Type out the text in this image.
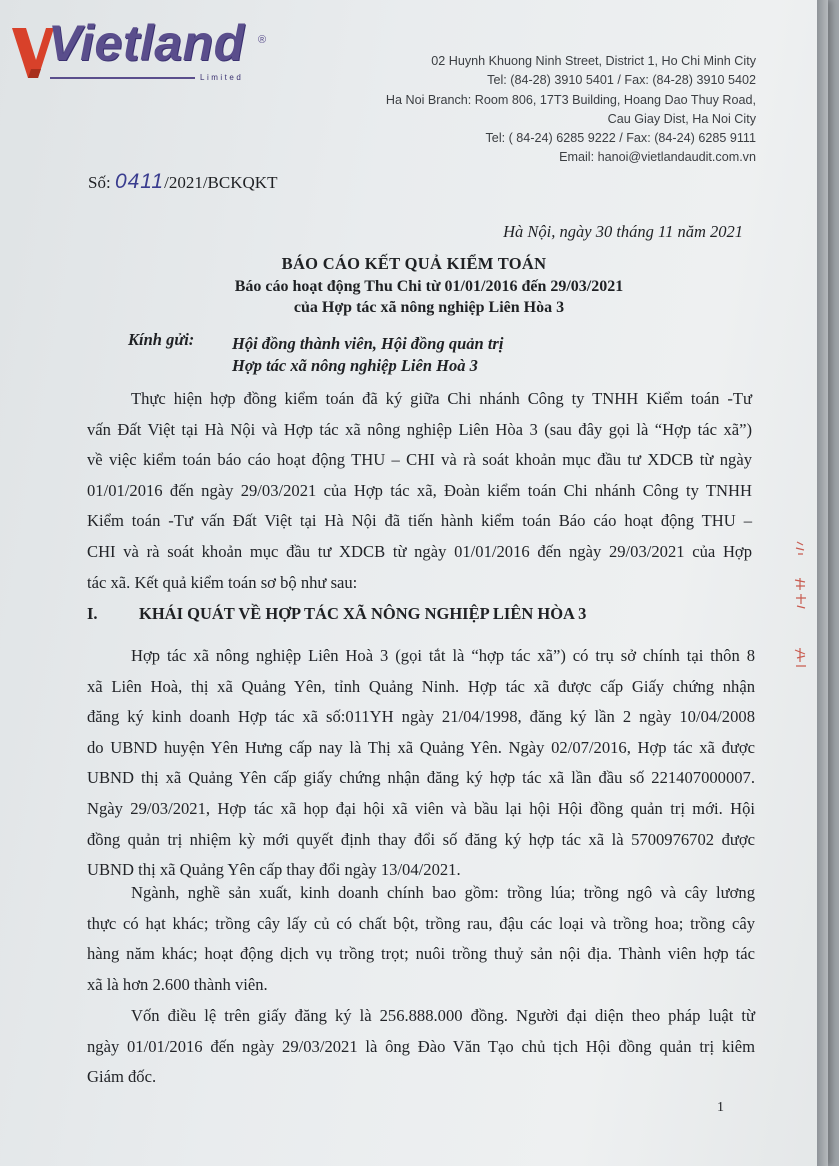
Vietland ®
Limited
02 Huynh Khuong Ninh Street, District 1, Ho Chi Minh City
Tel: (84-28) 3910 5401 / Fax: (84-28) 3910 5402
Ha Noi Branch: Room 806, 17T3 Building, Hoang Dao Thuy Road,
Cau Giay Dist, Ha Noi City
Tel: ( 84-24) 6285 9222 / Fax: (84-24) 6285 9111
Email: hanoi@vietlandaudit.com.vn
Số: 0411/2021/BCKQKT
Hà Nội, ngày 30 tháng 11 năm 2021
BÁO CÁO KẾT QUẢ KIỂM TOÁN
Báo cáo hoạt động Thu Chi từ 01/01/2016 đến 29/03/2021
của Hợp tác xã nông nghiệp Liên Hòa 3
Kính gửi: Hội đồng thành viên, Hội đồng quản trị
Hợp tác xã nông nghiệp Liên Hoà 3
Thực hiện hợp đồng kiểm toán đã ký giữa Chi nhánh Công ty TNHH Kiểm toán -Tư
vấn Đất Việt tại Hà Nội và Hợp tác xã nông nghiệp Liên Hòa 3 (sau đây gọi là “Hợp tác xã”)
về việc kiểm toán báo cáo hoạt động THU – CHI và rà soát khoản mục đầu tư XDCB từ ngày
01/01/2016 đến ngày 29/03/2021 của Hợp tác xã, Đoàn kiểm toán Chi nhánh Công ty TNHH
Kiểm toán -Tư vấn Đất Việt tại Hà Nội đã tiến hành kiểm toán Báo cáo hoạt động THU –
CHI và rà soát khoản mục đầu tư XDCB từ ngày 01/01/2016 đến ngày 29/03/2021 của Hợp
tác xã. Kết quả kiểm toán sơ bộ như sau:
I.	KHÁI QUÁT VỀ HỢP TÁC XÃ NÔNG NGHIỆP LIÊN HÒA 3
Hợp tác xã nông nghiệp Liên Hoà 3 (gọi tắt là “hợp tác xã”) có trụ sở chính tại thôn 8
xã Liên Hoà, thị xã Quảng Yên, tỉnh Quảng Ninh. Hợp tác xã được cấp Giấy chứng nhận
đăng ký kinh doanh Hợp tác xã số:011YH ngày 21/04/1998, đăng ký lần 2 ngày 10/04/2008
do UBND huyện Yên Hưng cấp nay là Thị xã Quảng Yên. Ngày 02/07/2016, Hợp tác xã được
UBND thị xã Quảng Yên cấp giấy chứng nhận đăng ký hợp tác xã lần đầu số 221407000007.
Ngày 29/03/2021, Hợp tác xã họp đại hội xã viên và bầu lại hội Hội đồng quản trị mới. Hội
đồng quản trị nhiệm kỳ mới quyết định thay đổi số đăng ký hợp tác xã là 5700976702 được
UBND thị xã Quảng Yên cấp thay đổi ngày 13/04/2021.
Ngành, nghề sản xuất, kinh doanh chính bao gồm: trồng lúa; trồng ngô và cây lương
thực có hạt khác; trồng cây lấy củ có chất bột, trồng rau, đậu các loại và trồng hoa; trồng cây
hàng năm khác; hoạt động dịch vụ trồng trọt; nuôi trồng thuỷ sản nội địa. Thành viên hợp tác
xã là hơn 2.600 thành viên.
Vốn điều lệ trên giấy đăng ký là 256.888.000 đồng. Người đại diện theo pháp luật từ
ngày 01/01/2016 đến ngày 29/03/2021 là ông Đào Văn Tạo chủ tịch Hội đồng quản trị kiêm
Giám đốc.
1
